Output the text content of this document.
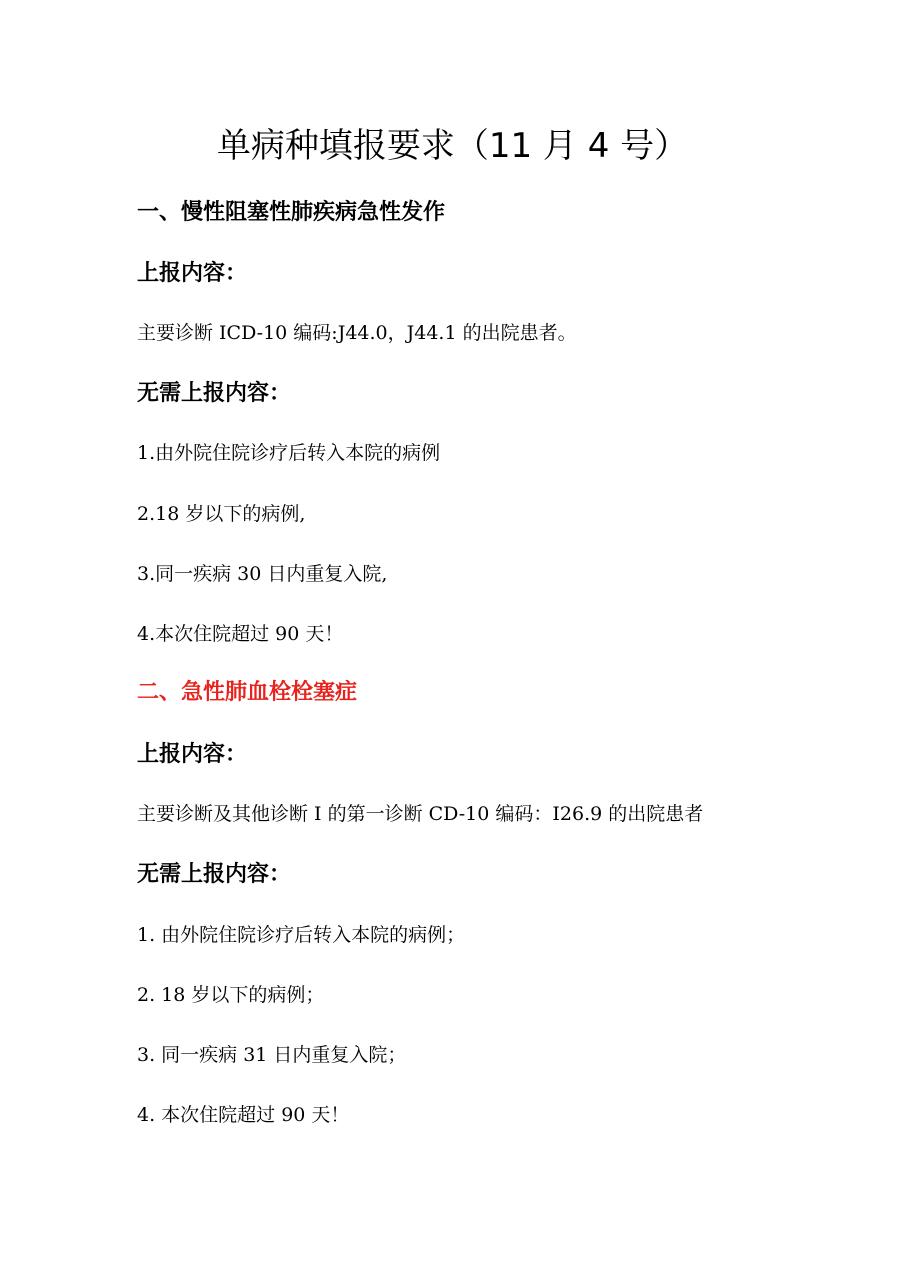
单病种填报要求（11 月 4 号）
一、慢性阻塞性肺疾病急性发作
上报内容：

主要诊断 ICD-10 编码:J44.0，J44.1 的出院患者。

无需上报内容：

1.由外院住院诊疗后转入本院的病例

2.18 岁以下的病例,

3.同一疾病 30 日内重复入院,

4.本次住院超过 90 天！

二、急性肺血栓栓塞症
上报内容：

主要诊断及其他诊断 I 的第一诊断 CD-10 编码：I26.9 的出院患者

无需上报内容：

1. 由外院住院诊疗后转入本院的病例；

2. 18 岁以下的病例；

3. 同一疾病 31 日内重复入院；

4. 本次住院超过 90 天！
